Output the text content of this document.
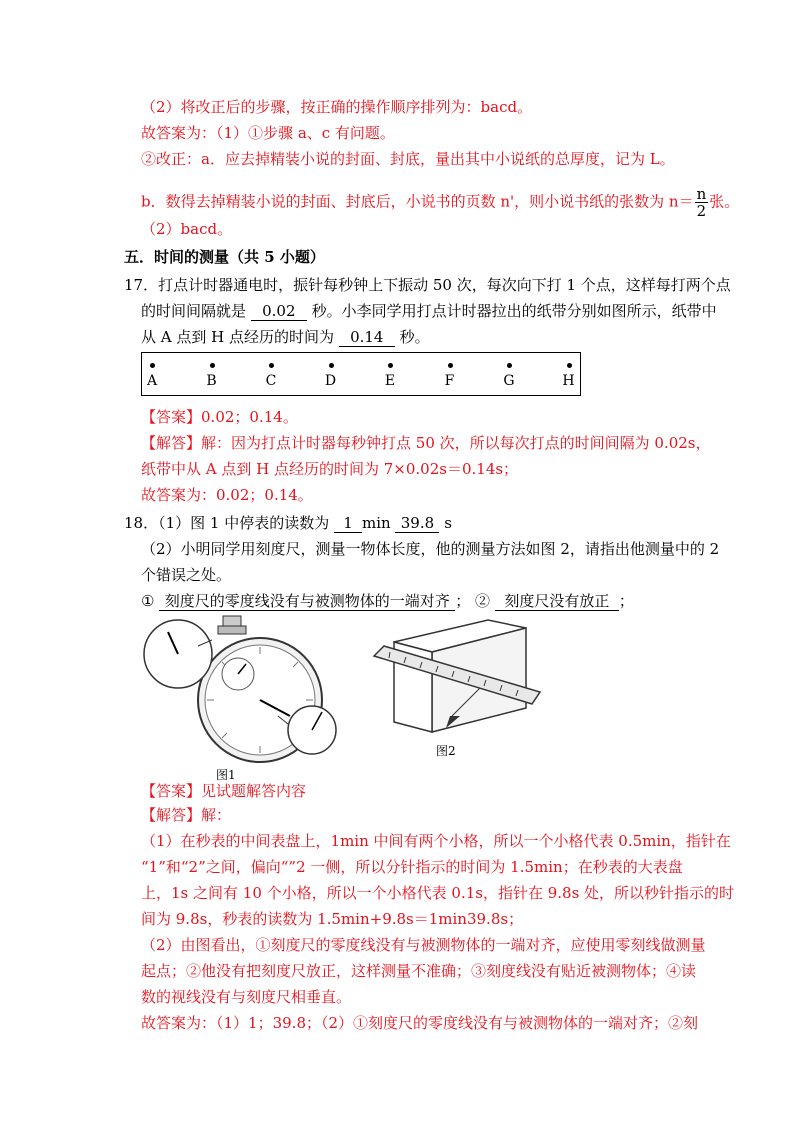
（2）将改正后的步骤，按正确的操作顺序排列为：bacd。
故答案为：（1）①步骤 a、c 有问题。
②改正：a．应去掉精装小说的封面、封底，量出其中小说纸的总厚度，记为 L。
b．数得去掉精装小说的封面、封底后，小说书的页数 n'，则小说书纸的张数为 $n= \frac{n}{2}$ 张。
（2）bacd。
五．时间的测量（共 5 小题）
17．打点计时器通电时，振针每秒钟上下振动 50 次，每次向下打 1 个点，这样每打两个点
的时间间隔就是 0.02 秒。小李同学用打点计时器拉出的纸带分别如图所示，纸带中
从 A 点到 H 点经历的时间为 0.14 秒。
A	B	C	D	E	F	G	H
【答案】0.02；0.14。
【解答】解：因为打点计时器每秒钟打点 50 次，所以每次打点的时间间隔为 0.02s，
纸带中从 A 点到 H 点经历的时间为 7×0.02s＝0.14s；
故答案为：0.02；0.14。
18．（1）图 1 中停表的读数为 1 min 39.8 s
（2）小明同学用刻度尺，测量一物体长度，他的测量方法如图 2，请指出他测量中的 2
个错误之处。
① 刻度尺的零度线没有与被测物体的一端对齐 ； ② 刻度尺没有放正 ；
图1
图2
【答案】见试题解答内容
【解答】解：
（1）在秒表的中间表盘上，1min 中间有两个小格，所以一个小格代表 0.5min，指针在
“1”和“2”之间，偏向“”2 一侧，所以分针指示的时间为 1.5min；在秒表的大表盘
上，1s 之间有 10 个小格，所以一个小格代表 0.1s，指针在 9.8s 处，所以秒针指示的时
间为 9.8s，秒表的读数为 1.5min+9.8s＝1min39.8s；
（2）由图看出，①刻度尺的零度线没有与被测物体的一端对齐，应使用零刻线做测量
起点；②他没有把刻度尺放正，这样测量不准确；③刻度线没有贴近被测物体；④读
数的视线没有与刻度尺相垂直。
故答案为：（1）1；39.8；（2）①刻度尺的零度线没有与被测物体的一端对齐；②刻
